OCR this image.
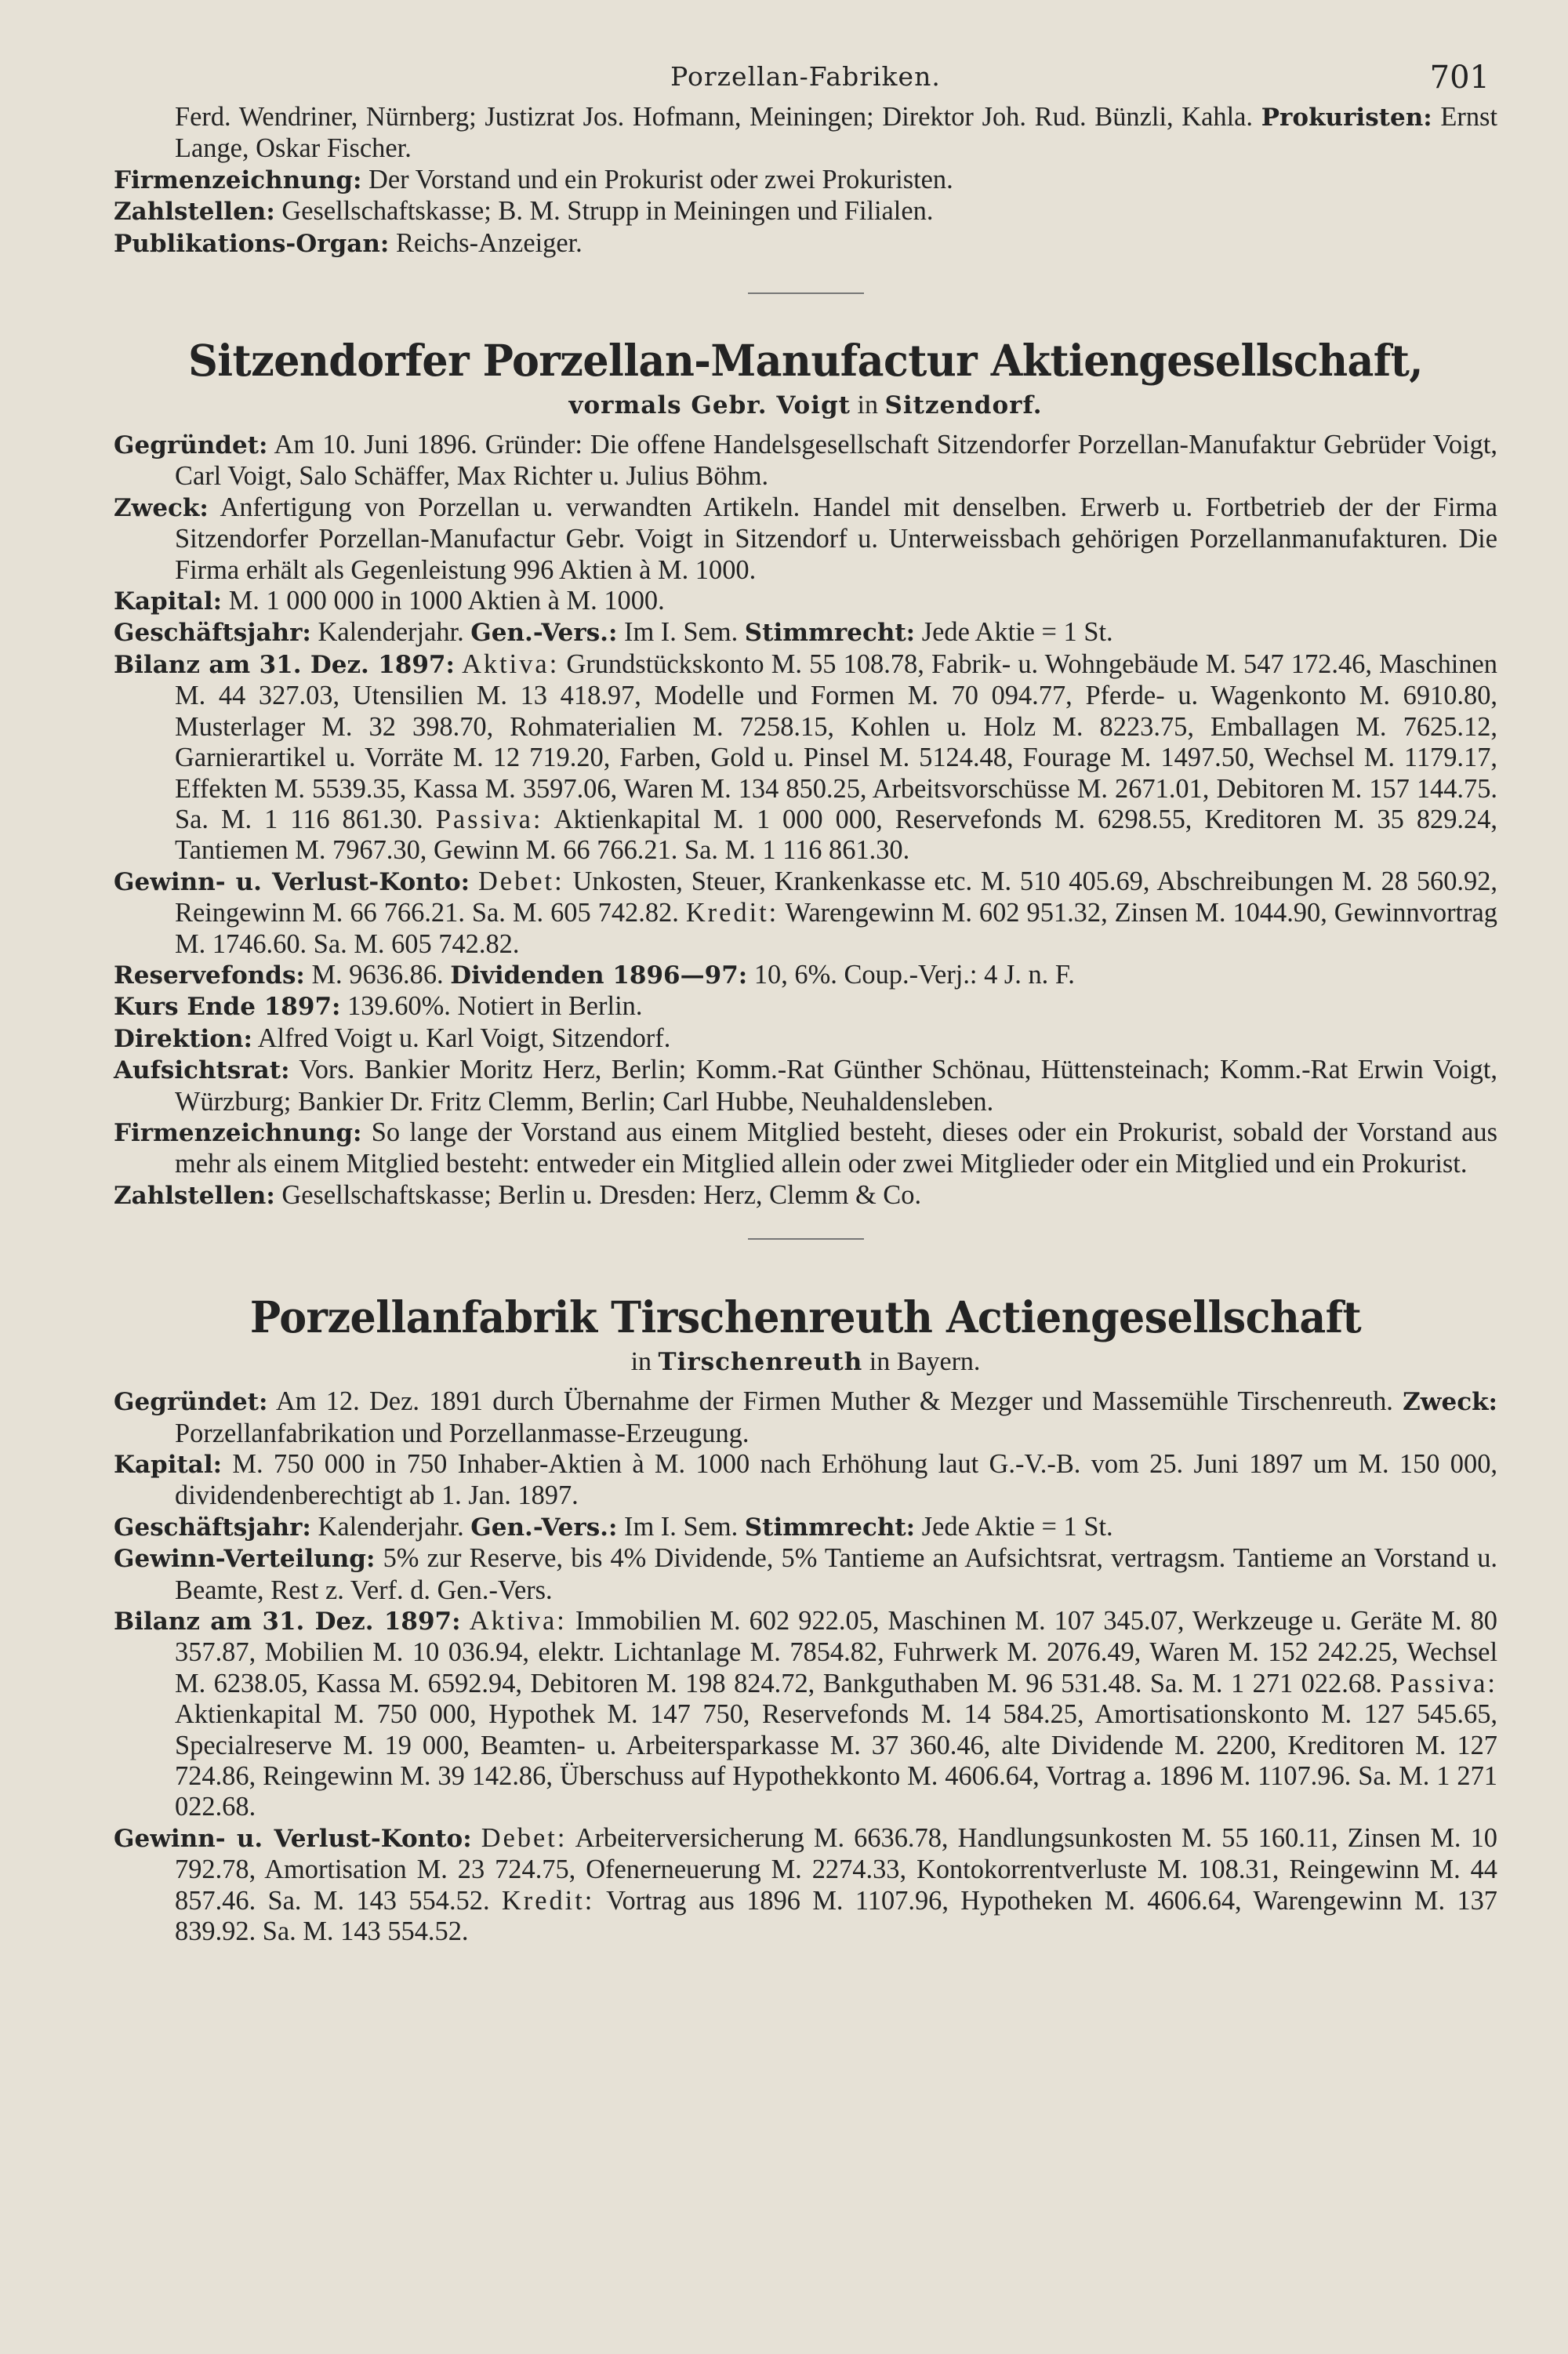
Porzellan-Fabriken.	701

Ferd. Wendriner, Nürnberg; Justizrat Jos. Hofmann, Meiningen; Direktor Joh. Rud. Bünzli, Kahla. Prokuristen: Ernst Lange, Oskar Fischer.

Firmenzeichnung: Der Vorstand und ein Prokurist oder zwei Prokuristen.

Zahlstellen: Gesellschaftskasse; B. M. Strupp in Meiningen und Filialen.

Publikations-Organ: Reichs-Anzeiger.

Sitzendorfer Porzellan-Manufactur Aktiengesellschaft,
vormals Gebr. Voigt in Sitzendorf.

Gegründet: Am 10. Juni 1896. Gründer: Die offene Handelsgesellschaft Sitzendorfer Porzellan-Manufaktur Gebrüder Voigt, Carl Voigt, Salo Schäffer, Max Richter u. Julius Böhm.

Zweck: Anfertigung von Porzellan u. verwandten Artikeln. Handel mit denselben. Erwerb u. Fortbetrieb der der Firma Sitzendorfer Porzellan-Manufactur Gebr. Voigt in Sitzendorf u. Unterweissbach gehörigen Porzellanmanufakturen. Die Firma erhält als Gegenleistung 996 Aktien à M. 1000.

Kapital: M. 1 000 000 in 1000 Aktien à M. 1000.

Geschäftsjahr: Kalenderjahr. Gen.-Vers.: Im I. Sem. Stimmrecht: Jede Aktie = 1 St.

Bilanz am 31. Dez. 1897: Aktiva: Grundstückskonto M. 55 108.78, Fabrik- u. Wohngebäude M. 547 172.46, Maschinen M. 44 327.03, Utensilien M. 13 418.97, Modelle und Formen M. 70 094.77, Pferde- u. Wagenkonto M. 6910.80, Musterlager M. 32 398.70, Rohmaterialien M. 7258.15, Kohlen u. Holz M. 8223.75, Emballagen M. 7625.12, Garnierartikel u. Vorräte M. 12 719.20, Farben, Gold u. Pinsel M. 5124.48, Fourage M. 1497.50, Wechsel M. 1179.17, Effekten M. 5539.35, Kassa M. 3597.06, Waren M. 134 850.25, Arbeitsvorschüsse M. 2671.01, Debitoren M. 157 144.75. Sa. M. 1 116 861.30. Passiva: Aktienkapital M. 1 000 000, Reservefonds M. 6298.55, Kreditoren M. 35 829.24, Tantiemen M. 7967.30, Gewinn M. 66 766.21. Sa. M. 1 116 861.30.

Gewinn- u. Verlust-Konto: Debet: Unkosten, Steuer, Krankenkasse etc. M. 510 405.69, Abschreibungen M. 28 560.92, Reingewinn M. 66 766.21. Sa. M. 605 742.82. Kredit: Warengewinn M. 602 951.32, Zinsen M. 1044.90, Gewinnvortrag M. 1746.60. Sa. M. 605 742.82.

Reservefonds: M. 9636.86. Dividenden 1896—97: 10, 6%. Coup.-Verj.: 4 J. n. F.

Kurs Ende 1897: 139.60%. Notiert in Berlin.

Direktion: Alfred Voigt u. Karl Voigt, Sitzendorf.

Aufsichtsrat: Vors. Bankier Moritz Herz, Berlin; Komm.-Rat Günther Schönau, Hüttensteinach; Komm.-Rat Erwin Voigt, Würzburg; Bankier Dr. Fritz Clemm, Berlin; Carl Hubbe, Neuhaldensleben.

Firmenzeichnung: So lange der Vorstand aus einem Mitglied besteht, dieses oder ein Prokurist, sobald der Vorstand aus mehr als einem Mitglied besteht: entweder ein Mitglied allein oder zwei Mitglieder oder ein Mitglied und ein Prokurist.

Zahlstellen: Gesellschaftskasse; Berlin u. Dresden: Herz, Clemm & Co.

Porzellanfabrik Tirschenreuth Actiengesellschaft
in Tirschenreuth in Bayern.

Gegründet: Am 12. Dez. 1891 durch Übernahme der Firmen Muther & Mezger und Massemühle Tirschenreuth. Zweck: Porzellanfabrikation und Porzellanmasse-Erzeugung.

Kapital: M. 750 000 in 750 Inhaber-Aktien à M. 1000 nach Erhöhung laut G.-V.-B. vom 25. Juni 1897 um M. 150 000, dividendenberechtigt ab 1. Jan. 1897.

Geschäftsjahr: Kalenderjahr. Gen.-Vers.: Im I. Sem. Stimmrecht: Jede Aktie = 1 St.

Gewinn-Verteilung: 5% zur Reserve, bis 4% Dividende, 5% Tantieme an Aufsichtsrat, vertragsm. Tantieme an Vorstand u. Beamte, Rest z. Verf. d. Gen.-Vers.

Bilanz am 31. Dez. 1897: Aktiva: Immobilien M. 602 922.05, Maschinen M. 107 345.07, Werkzeuge u. Geräte M. 80 357.87, Mobilien M. 10 036.94, elektr. Lichtanlage M. 7854.82, Fuhrwerk M. 2076.49, Waren M. 152 242.25, Wechsel M. 6238.05, Kassa M. 6592.94, Debitoren M. 198 824.72, Bankguthaben M. 96 531.48. Sa. M. 1 271 022.68. Passiva: Aktienkapital M. 750 000, Hypothek M. 147 750, Reservefonds M. 14 584.25, Amortisationskonto M. 127 545.65, Specialreserve M. 19 000, Beamten- u. Arbeitersparkasse M. 37 360.46, alte Dividende M. 2200, Kreditoren M. 127 724.86, Reingewinn M. 39 142.86, Überschuss auf Hypothekkonto M. 4606.64, Vortrag a. 1896 M. 1107.96. Sa. M. 1 271 022.68.

Gewinn- u. Verlust-Konto: Debet: Arbeiterversicherung M. 6636.78, Handlungsunkosten M. 55 160.11, Zinsen M. 10 792.78, Amortisation M. 23 724.75, Ofenerneuerung M. 2274.33, Kontokorrentverluste M. 108.31, Reingewinn M. 44 857.46. Sa. M. 143 554.52. Kredit: Vortrag aus 1896 M. 1107.96, Hypotheken M. 4606.64, Warengewinn M. 137 839.92. Sa. M. 143 554.52.
